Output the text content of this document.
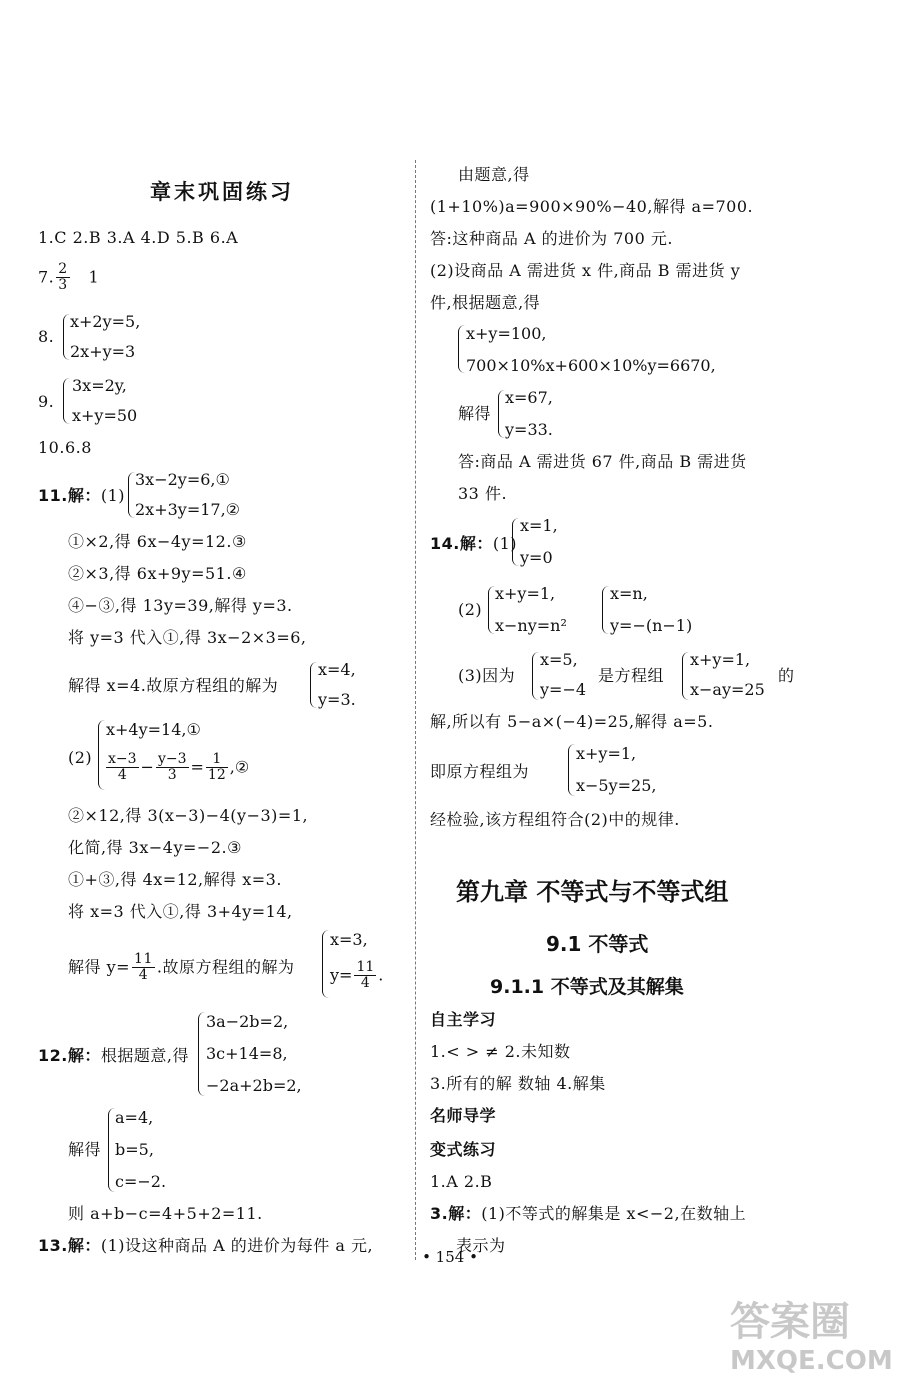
章末巩固练习
1.C 2.B 3.A 4.D 5.B 6.A
7. $\frac{2}{3} 1$
8.
x+2y=5,
2x+y=3
9.
3x=2y,
x+y=50
10.6.8
11.解：(1)
3x−2y=6,①
2x+3y=17,②
①×2,得 6x−4y=12.③
②×3,得 6x+9y=51.④
④−③,得 13y=39,解得 y=3.
将 y=3 代入①,得 3x−2×3=6,
解得 x=4.故原方程组的解为
x=4,
y=3.
(2)
x+4y=14,①
$\frac{x-3}{4} - \frac{y-3}{3} = \frac{1}{12}$ ,②
②×12,得 3(x−3)−4(y−3)=1,
化简,得 3x−4y=−2.③
①+③,得 4x=12,解得 x=3.
将 x=3 代入①,得 3+4y=14,
解得 $y= \frac{11}{4}$ .故原方程组的解为
x=3,
$y= \frac{11}{4}$ .
12.解：根据题意,得
3a−2b=2,
3c+14=8,
−2a+2b=2,
解得
a=4,
b=5,
c=−2.
则 a+b−c=4+5+2=11.
13.解：(1)设这种商品 A 的进价为每件 a 元,
由题意,得
(1+10%)a=900×90%−40,解得 a=700.
答:这种商品 A 的进价为 700 元.
(2)设商品 A 需进货 x 件,商品 B 需进货 y
件,根据题意,得
x+y=100,
700×10%x+600×10%y=6670,
解得
x=67,
y=33.
答:商品 A 需进货 67 件,商品 B 需进货
33 件.
14.解：(1)
x=1,
y=0
(2)
x+y=1,
x−ny=n²
x=n,
y=−(n−1)
(3)因为
x=5,
y=−4
是方程组
x+y=1,
x−ay=25
的
解,所以有 5−a×(−4)=25,解得 a=5.
即原方程组为
x+y=1,
x−5y=25,
经检验,该方程组符合(2)中的规律.
第九章 不等式与不等式组
9.1 不等式
9.1.1 不等式及其解集
自主学习
1.< > ≠ 2.未知数
3.所有的解 数轴 4.解集
名师导学
变式练习
1.A 2.B
3.解：(1)不等式的解集是 x<−2,在数轴上
表示为
• 154 •
答案圈
MXQE.COM
